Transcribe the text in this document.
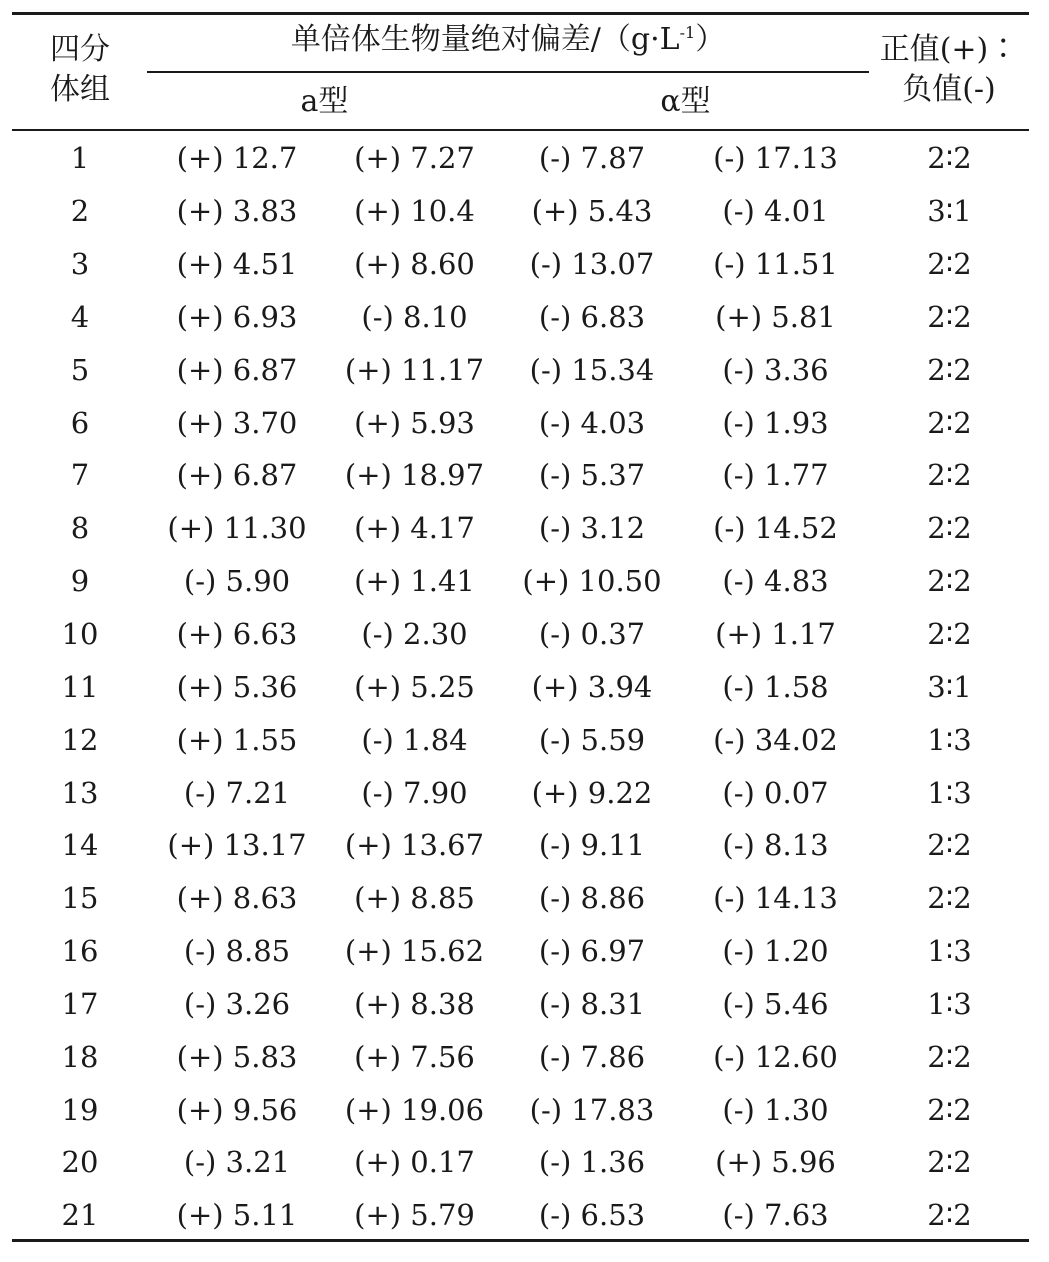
四分
体组
单倍体生物量绝对偏差$/(g\cdot L^{-1})$
a型	α型
正值(+)∶
负值(-)
1	(+) 12.7	(+) 7.27	(-) 7.87	(-) 17.13	2∶2
2	(+) 3.83	(+) 10.4	(+) 5.43	(-) 4.01	3∶1
3	(+) 4.51	(+) 8.60	(-) 13.07	(-) 11.51	2∶2
4	(+) 6.93	(-) 8.10	(-) 6.83	(+) 5.81	2∶2
5	(+) 6.87	(+) 11.17	(-) 15.34	(-) 3.36	2∶2
6	(+) 3.70	(+) 5.93	(-) 4.03	(-) 1.93	2∶2
7	(+) 6.87	(+) 18.97	(-) 5.37	(-) 1.77	2∶2
8	(+) 11.30	(+) 4.17	(-) 3.12	(-) 14.52	2∶2
9	(-) 5.90	(+) 1.41	(+) 10.50	(-) 4.83	2∶2
10	(+) 6.63	(-) 2.30	(-) 0.37	(+) 1.17	2∶2
11	(+) 5.36	(+) 5.25	(+) 3.94	(-) 1.58	3∶1
12	(+) 1.55	(-) 1.84	(-) 5.59	(-) 34.02	1∶3
13	(-) 7.21	(-) 7.90	(+) 9.22	(-) 0.07	1∶3
14	(+) 13.17	(+) 13.67	(-) 9.11	(-) 8.13	2∶2
15	(+) 8.63	(+) 8.85	(-) 8.86	(-) 14.13	2∶2
16	(-) 8.85	(+) 15.62	(-) 6.97	(-) 1.20	1∶3
17	(-) 3.26	(+) 8.38	(-) 8.31	(-) 5.46	1∶3
18	(+) 5.83	(+) 7.56	(-) 7.86	(-) 12.60	2∶2
19	(+) 9.56	(+) 19.06	(-) 17.83	(-) 1.30	2∶2
20	(-) 3.21	(+) 0.17	(-) 1.36	(+) 5.96	2∶2
21	(+) 5.11	(+) 5.79	(-) 6.53	(-) 7.63	2∶2
